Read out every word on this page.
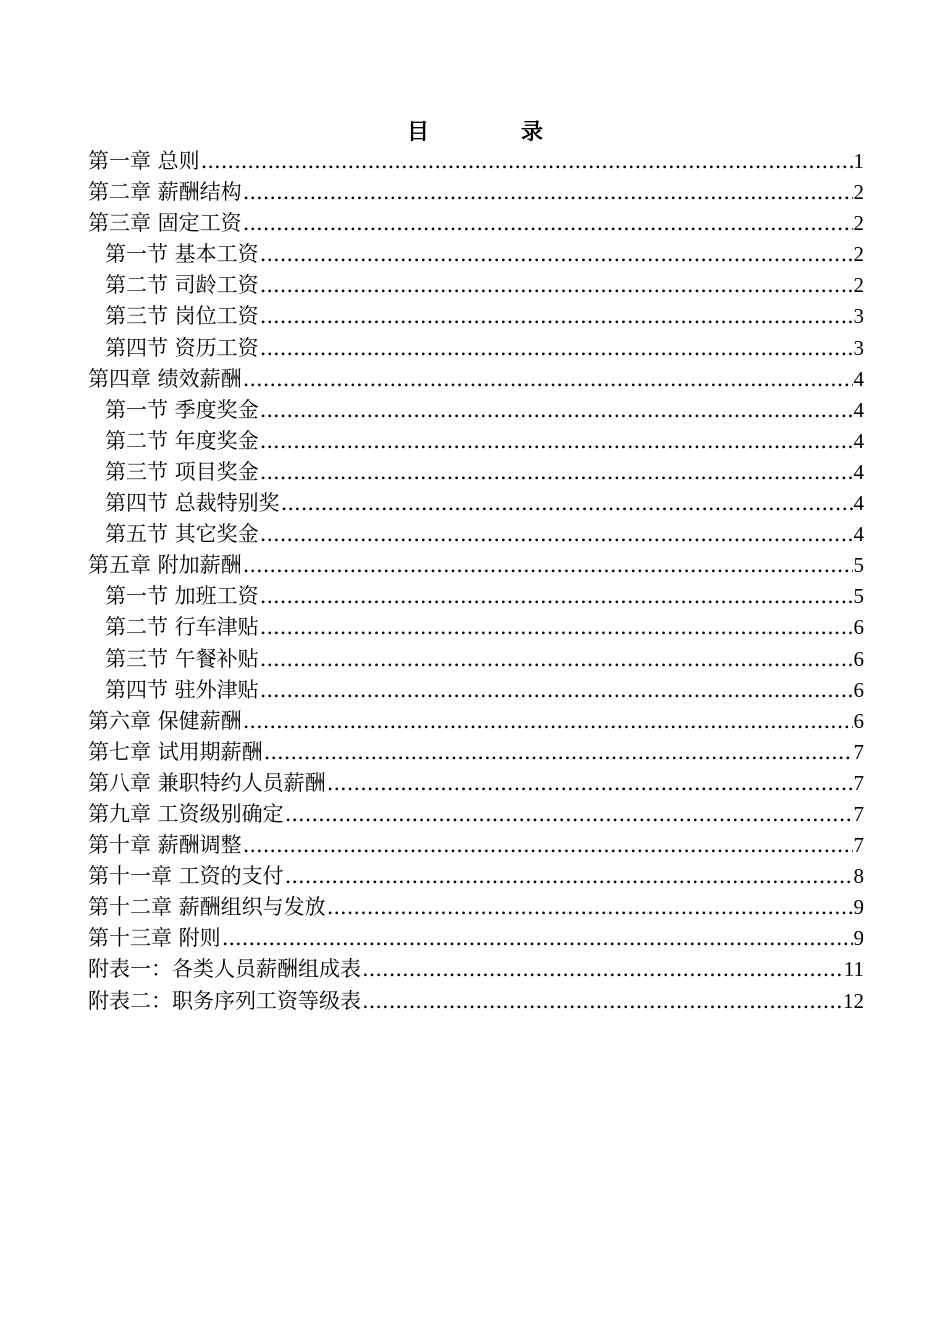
目	录
第一章 总则 .....	1
第二章 薪酬结构 .....	2
第三章 固定工资 .....	2
第一节 基本工资 .....	2
第二节 司龄工资 .....	2
第三节 岗位工资 .....	3
第四节 资历工资 .....	3
第四章 绩效薪酬 .....	4
第一节 季度奖金 .....	4
第二节 年度奖金 .....	4
第三节 项目奖金 .....	4
第四节 总裁特别奖 .....	4
第五节 其它奖金 .....	4
第五章 附加薪酬 .....	5
第一节 加班工资 .....	5
第二节 行车津贴 .....	6
第三节 午餐补贴 .....	6
第四节 驻外津贴 .....	6
第六章 保健薪酬 .....	6
第七章 试用期薪酬 .....	7
第八章 兼职特约人员薪酬 .....	7
第九章 工资级别确定 .....	7
第十章 薪酬调整 .....	7
第十一章 工资的支付 .....	8
第十二章 薪酬组织与发放 .....	9
第十三章 附则 .....	9
附表一：各类人员薪酬组成表 .....	11
附表二：职务序列工资等级表 .....	12
